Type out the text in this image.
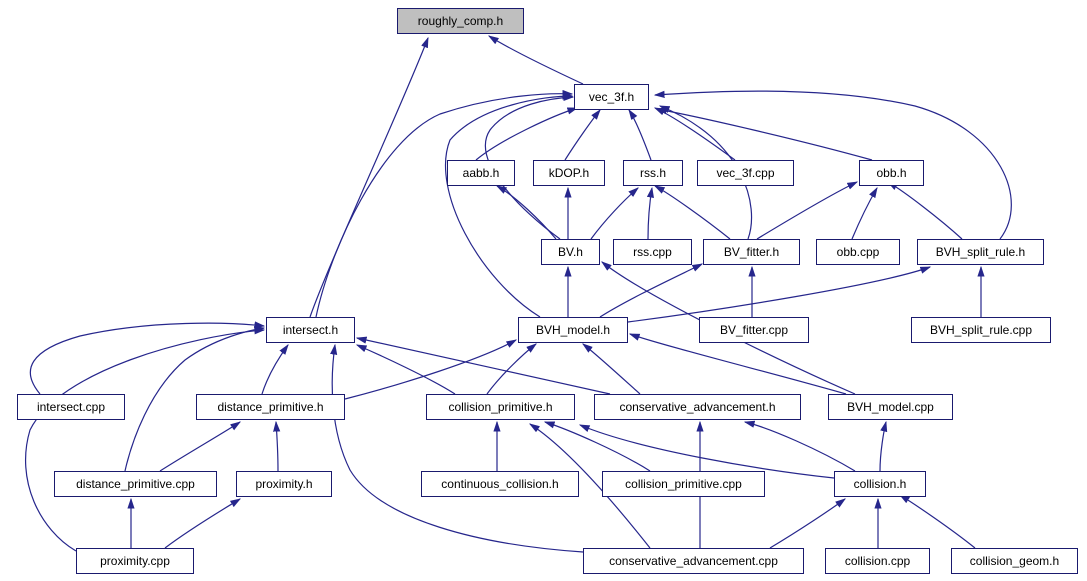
roughly_comp.h
vec_3f.h
aabb.h	kDOP.h	rss.h	vec_3f.cpp	obb.h
BV.h	rss.cpp	BV_fitter.h	obb.cpp	BVH_split_rule.h
BV_fitter.cpp	BVH_split_rule.cpp
intersect.h	BVH_model.h
intersect.cpp	distance_primitive.h	collision_primitive.h	conservative_advancement.h	BVH_model.cpp
distance_primitive.cpp	proximity.h	continuous_collision.h	collision_primitive.cpp	collision.h
proximity.cpp	conservative_advancement.cpp	collision.cpp	collision_geom.h
